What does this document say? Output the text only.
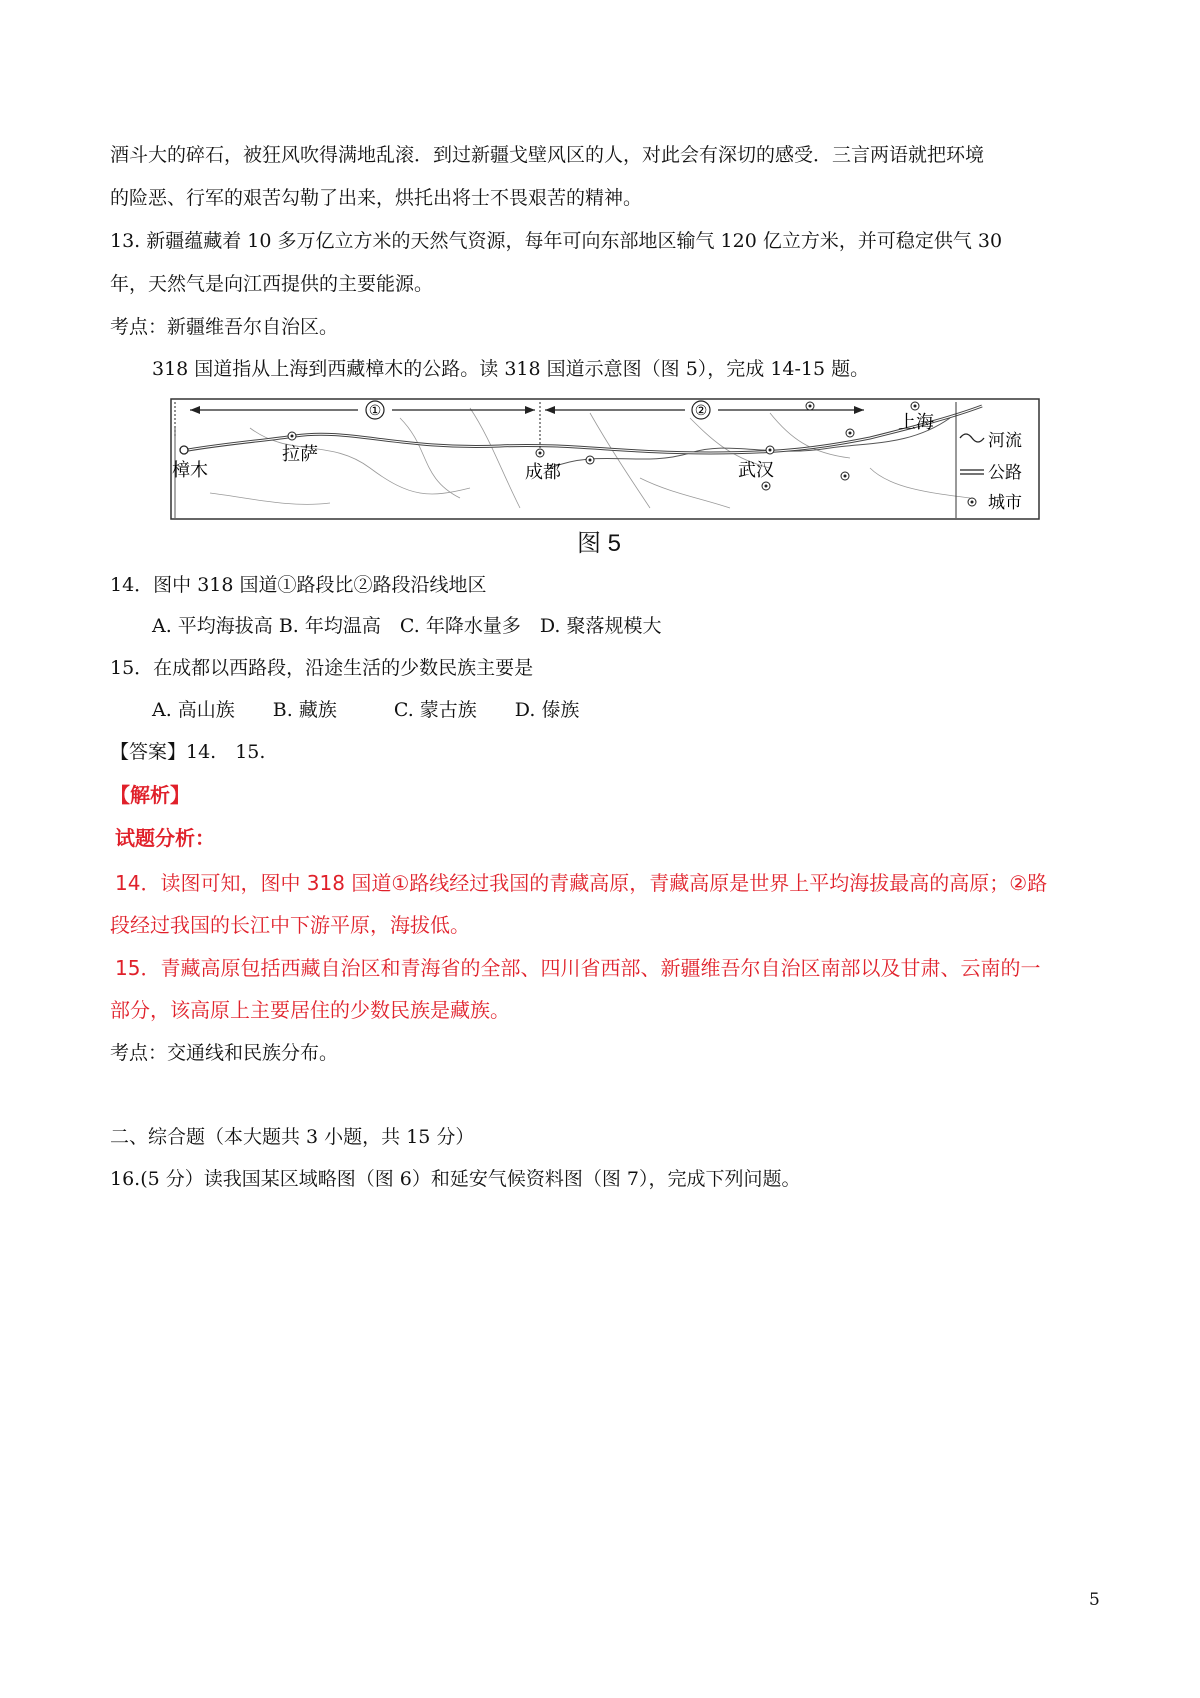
酒斗大的碎石，被狂风吹得满地乱滚．到过新疆戈壁风区的人，对此会有深切的感受．三言两语就把环境
的险恶、行军的艰苦勾勒了出来，烘托出将士不畏艰苦的精神。
13. 新疆蕴藏着 10 多万亿立方米的天然气资源，每年可向东部地区输气 120 亿立方米，并可稳定供气 30
年，天然气是向江西提供的主要能源。
考点：新疆维吾尔自治区。
318 国道指从上海到西藏樟木的公路。读 318 国道示意图（图 5），完成 14-15 题。
①	②
樟木
拉萨
成都	武汉
上海
河流
公路
城市
图 5
14．图中 318 国道①路段比②路段沿线地区
A. 平均海拔高 B. 年均温高　C. 年降水量多　D. 聚落规模大
15．在成都以西路段，沿途生活的少数民族主要是
A. 高山族　　B. 藏族　　　C. 蒙古族　　D. 傣族
【答案】14.　15.
【解析】
试题分析：
14．读图可知，图中 318 国道①路线经过我国的青藏高原，青藏高原是世界上平均海拔最高的高原；②路
段经过我国的长江中下游平原，海拔低。
15．青藏高原包括西藏自治区和青海省的全部、四川省西部、新疆维吾尔自治区南部以及甘肃、云南的一
部分，该高原上主要居住的少数民族是藏族。
考点：交通线和民族分布。
二、综合题（本大题共 3 小题，共 15 分）
16.(5 分）读我国某区域略图（图 6）和延安气候资料图（图 7），完成下列问题。
5
